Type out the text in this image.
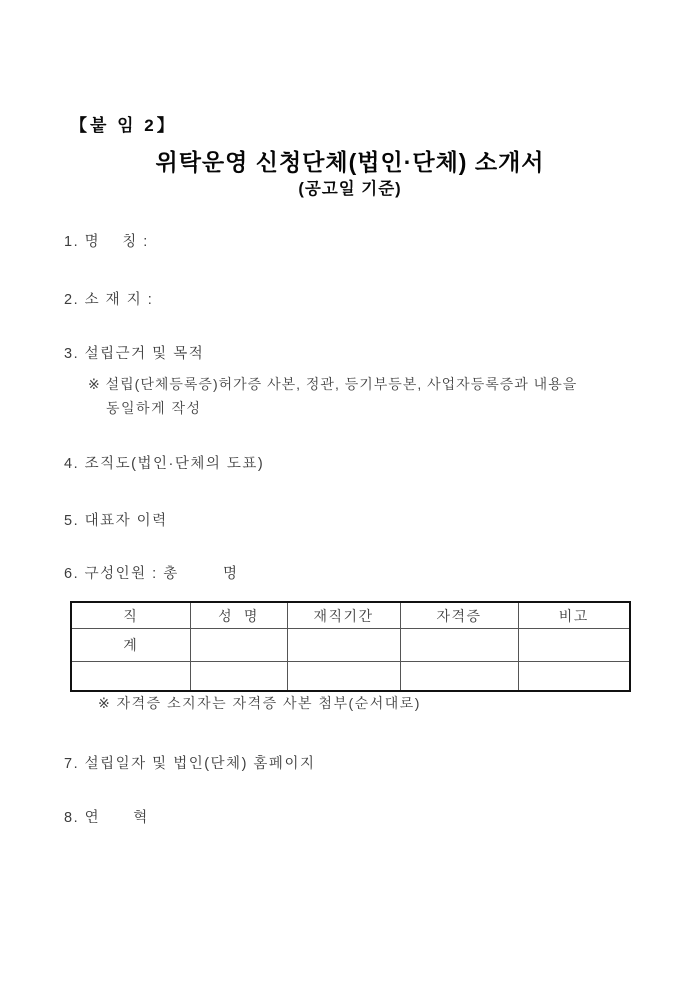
【붙 임 2】
위탁운영 신청단체(법인·단체) 소개서
(공고일 기준)
1. 명    칭 :
2. 소 재 지 :
3. 설립근거 및 목적
※ 설립(단체등록증)허가증 사본, 정관, 등기부등본, 사업자등록증과 내용을
동일하게 작성
4. 조직도(법인·단체의 도표)
5. 대표자 이력
6. 구성인원 : 총        명
직	성  명	재직기간	자격증	비고
계				

※ 자격증 소지자는 자격증 사본 첨부(순서대로)
7. 설립일자 및 법인(단체) 홈페이지
8. 연      혁
